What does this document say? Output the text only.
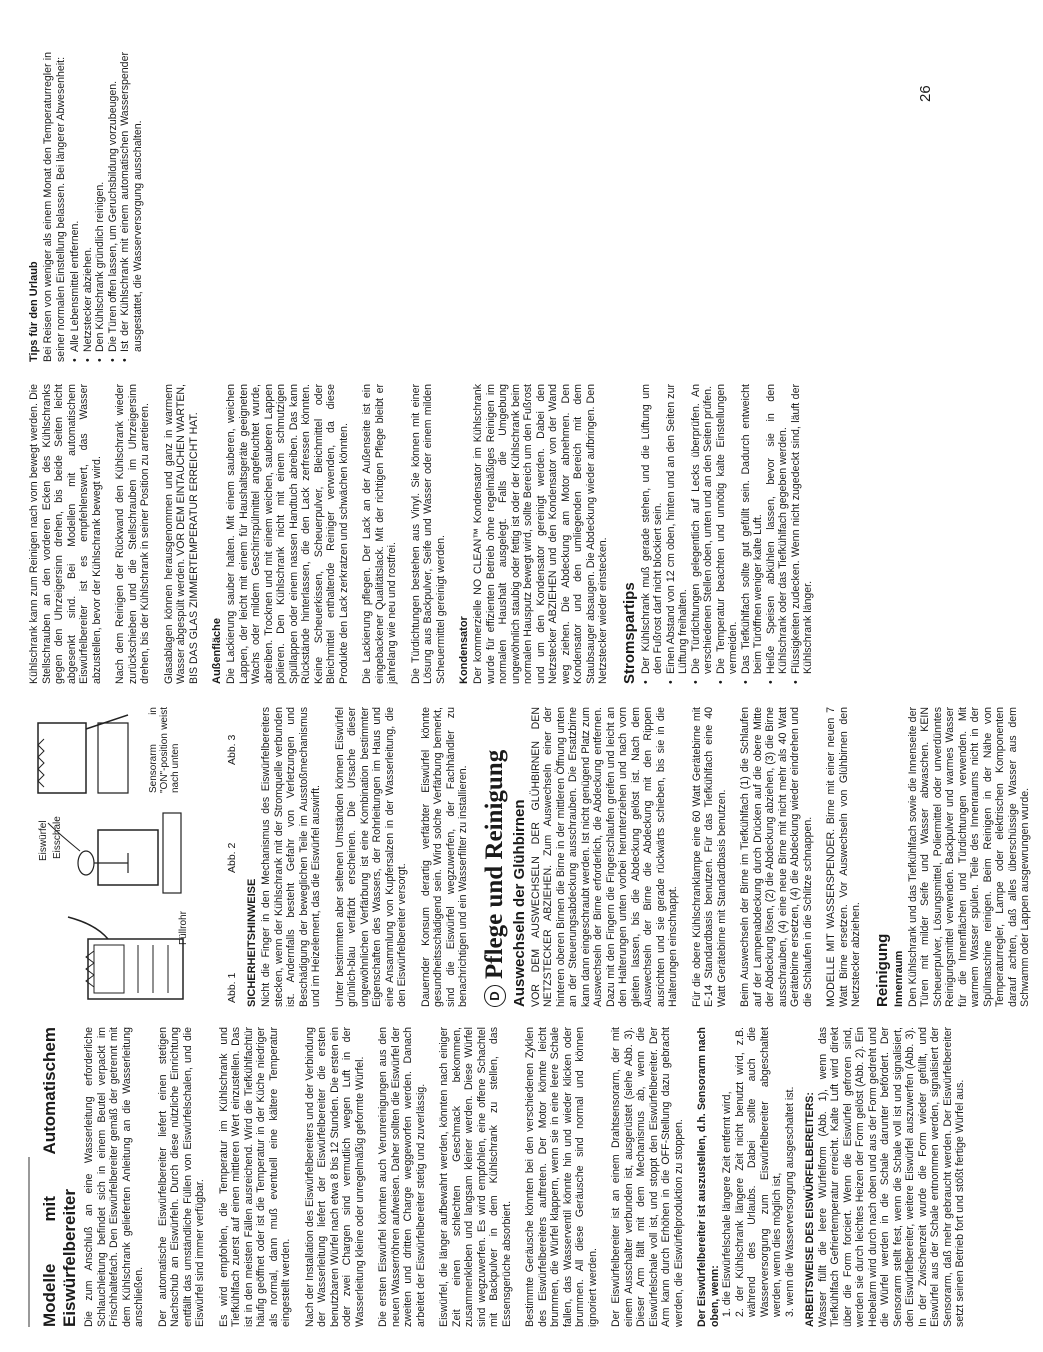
Modelle mit Automatischem Eiswürfelbereiter Die zum Anschluß an eine Wasserleitung erforderliche Schlauchleitung befindet sich in einem Beutel verpackt im Frischhaltefach. Den Eiswürfelbereiter gemäß der getrennt mit dem Kühlschrank gelieferten Anleitung an die Wasserleitung anschließen. Der automatische Eiswürfelbereiter liefert einen stetigen Nachschub an Eiswürfeln. Durch diese nützliche Einrichtung entfällt das umständliche Füllen von Eiswürfelschalen, und die Eiswürfel sind immer verfügbar. Es wird empfohlen, die Temperatur im Kühlschrank und Tiefkühlfach zuerst auf einen mittleren Wert einzustellen. Das ist in den meisten Fällen ausreichend. Wird die Tiefkühlfachtür häufig geöffnet oder ist die Temperatur in der Küche niedriger als normal, dann muß eventuell eine kältere Temperatur eingestellt werden. Nach der Installation des Eiswürfelbereiters und der Verbindung der Wasserleitung liefert der Eiswürfelbereiter die ersten benutzbaren Würfel nach etwa 8 bis 12 Stunden. Die ersten ein oder zwei Chargen sind vermutlich wegen Luft in der Wasserleitung kleine oder unregelmäßig geformte Würfel. Die ersten Eiswürfel könnten auch Verunreinigungen aus den neuen Wasserröhren aufweisen. Daher sollten die Eiswürfel der zweiten und dritten Charge weggeworfen werden. Danach arbeitet der Eiswürfelbereiter stetig und zuverlässig. Eiswürfel, die länger aufbewahrt werden, könnten nach einiger Zeit einen schlechten Geschmack bekommen, zusammenkleben und langsam kleiner werden. Diese Würfel sind wegzuwerfen. Es wird empfohlen, eine offene Schachtel mit Backpulver in dem Kühlschrank zu stellen, das Essensgerüche absorbiert. Bestimmte Geräusche könnten bei den verschiedenen Zyklen des Eiswürfelbereiters auftreten. Der Motor könnte leicht brummen, die Würfel klappern, wenn sie in eine leere Schale fallen, das Wasserventil könnte hin und wieder klicken oder brummen. All diese Geräusche sind normal und können ignoriert werden. Der Eiswürfelbereiter ist an einem Drahtsensorarm, der mit einem Ausschalter verbunden ist, ausgerüstet (siehe Abb. 3). Dieser Arm fällt mit dem Mechanismus ab, wenn die Eiswürfelschale voll ist, und stoppt den Eiswürfelbereiter. Der Arm kann durch Erhöhen in die OFF-Stellung dazu gebracht werden, die Eiswürfelproduktion zu stoppen. Der Eiswürfelbereiter ist auszustellen, d.h. Sensorarm nach oben, wenn: 1. die Eiswürfelschale längere Zeit entfernt wird, 2. der Kühlschrank längere Zeit nicht benutzt wird, z.B. während des Urlaubs. Dabei sollte auch die Wasserversorgung zum Eiswürfelbereiter abgeschaltet werden, wenn dies möglich ist, 3. wenn die Wasserversorgung ausgeschaltet ist. ARBEITSWEISE DES EISWÜRFELBEREITERS: Wasser füllt die leere Würfelform (Abb. 1), wenn das Tiefkühlfach Gefriertemperatur erreicht. Kalte Luft wird direkt über die Form forciert. Wenn die Eiswürfel gefroren sind, werden sie durch leichtes Heizen der Form gelöst (Abb. 2). Ein Hebelarm wird durch nach oben und aus der Form gedreht und die Würfel werden in die Schale darunter befördert. Der Sensorarm stellt fest, wenn die Schale voll ist und signalisiert, den Eiswürfelbereiter, weitere Eiswürfel auszuwerfen (Abb. 3). In der Zwischenzeit wurde die Form wieder gefüllt, und Eiswürfel aus der Schale entnommen werden, signalisiert der Sensorarm, daß mehr gebraucht werden. Der Eiswürfelbereiter setzt seinen Betrieb fort und stößt fertige Würfel aus.

Füllrohr
Abb. 1
Eiswürfel Eisschale	Abb. 2
Sensorarm in "ON"-position weist nach unten	Abb. 3
SICHERHEITSHINWEISE Nicht die Finger in den Mechanismus des Eiswürfelbereiters stecken, wenn der Kühlschrank mit der Stromquelle verbunden ist. Andernfalls besteht Gefahr von Verletzungen und Beschädigung der beweglichen Teile im Ausstoßmechanismus und im Heizelement, das die Eiswürfel auswirft. Unter bestimmten aber seltenen Umständen können Eiswürfel grünlich-blau verfärbt erscheinen. Die Ursache dieser ungewöhnlichen Verfärbung ist eine Kombination bestimmter Eigenschaften des Wassers, der Rohrleitungen im Haus und eine Ansammlung von Kupfersalzen in der Wasserleitung, die den Eiswürfelbereiter versorgt. Dauernder Konsum derartig verfärbter Eiswürfel könnte gesundheitsschädigend sein. Wird solche Verfärbung bemerkt, sind die Eiswürfel wegzuwerfen, der Fachhändler zu benachrichtigen und ein Wasserfilter zu installieren. D
Pflege und Reinigung Auswechseln der Glühbirnen VOR DEM AUSWECHSELN DER GLÜHBIRNEN DEN NETZSTECKER ABZIEHEN. Zum Auswechseln einer der hinteren oberen Birnen die Birne in der mittleren Öffnung unten an der Steuerungsabdeckung ausschrauben. Die Ersatzbirne kann dann eingeschraubt werden. Ist nicht genügend Platz zum Auswechseln der Birne erforderlich, die Abdeckung entfernen. Dazu mit den Fingern die Fingerschlaufen greifen und leicht an den Halterungen unten vorbei herunterziehen und nach vorn gleiten lassen, bis die Abdeckung gelöst ist. Nach dem Auswechseln der Birne die Abdeckung mit den Rippen ausrichten und sie gerade rückwärts schieben, bis sie in die Halterungen einschnappt. Für die obere Kühlschranklampe eine 60 Watt Gerätebirne mit E-14 Standardbasis benutzen. Für das Tiefkühlfach eine 40 Watt Gerätebirne mit Standardbasis benutzen. Beim Auswechseln der Birne im Tiefkühlfach (1) die Schlaufen auf der Lampenabdeckung durch Drücken auf die obere Mitte der Abdeckung lösen, (2) die Abdeckung abziehen, (3) die Birne ausschrauben, (4) eine neue Birne mit nicht mehr als 40 Watt Gerätebirne ersetzen, (4) die Abdeckung wieder eindrehen und die Schlaufen in die Schlitze schnappen. MODELLE MIT WASSERSPENDER. Birne mit einer neuen 7 Watt Birne ersetzen. Vor Auswechseln von Glühbirnen den Netzstecker abziehen. Reinigung Innenraum Den Kühlschrank und das Tiefkühlfach sowie die Innenseite der Türen mit milder Seife und Wasser abwaschen. KEIN Scheuerpulver, Lösungsmittel, Poliermittel oder unverdünntes Reinigungsmittel verwenden. Backpulver und warmes Wasser für die Innenflächen und Türdichtungen verwenden. Mit warmem Wasser spülen. Teile des Innenraums nicht in der Spülmaschine reinigen. Beim Reinigen in der Nähe von Temperaturregler, Lampe oder elektrischen Komponenten darauf achten, daß alles überschüssige Wasser aus dem Schwamm oder Lappen ausgewrungen wurde.

Kühlschrank kann zum Reinigen nach vorn bewegt werden. Die Stellschrauben an den vorderen Ecken des Kühlschranks gegen den Uhrzeigersinn drehen, bis beide Seiten leicht abgesenkt sind. Bei Modellen mit automatischem Eiswürfelbereiter ist es empfehlenswert, das Wasser abzustellen, bevor der Kühlschrank bewegt wird. Nach dem Reinigen der Rückwand den Kühlschrank wieder zurückschieben und die Stellschrauben im Uhrzeigersinn drehen, bis der Kühlschrank in seiner Position zu arretieren. Glasablagen können herausgenommen und ganz in warmem Wasser abgespült werden. VOR DEM EINTAUCHEN WARTEN, BIS DAS GLAS ZIMMERTEMPERATUR ERREICHT HAT. Außenfläche Die Lackierung sauber halten. Mit einem sauberen, weichen Lappen, der leicht mit einem für Haushaltsgeräte geeigneten Wachs oder mildem Geschirrspülmittel angefeuchtet wurde, abreiben. Trocknen und mit einem weichen, sauberen Lappen polieren. Den Kühlschrank nicht mit einem schmutzigen Spüllappen oder einem nassen Handtuch abreiben. Das kann Rückstände hinterlassen, die den Lack zerfressen könnten. Keine Scheuerkissen, Scheuerpulver, Bleichmittel oder Bleichmittel enthaltende Reiniger verwenden, da diese Produkte den Lack zerkratzen und schwächen könnten. Die Lackierung pflegen. Der Lack an der Außenseite ist ein eingebackener Qualitätslack. Mit der richtigen Pflege bleibt er jahrelang wie neu und rostfrei. Die Türdichtungen bestehen aus Vinyl. Sie können mit einer Lösung aus Backpulver, Seife und Wasser oder einem milden Scheuermittel gereinigt werden. Kondensator Der kommerzielle NO CLEAN™ Kondensator im Kühlschrank wurde für effizienten Betrieb ohne regelmäßiges Reinigen im normalen Haushalt ausgelegt. Falls die Umgebung ungewöhnlich staubig oder fettig ist oder der Kühlschrank beim normalen Hausputz bewegt wird, sollte Bereich um den Fußrost und um den Kondensator gereinigt werden. Dabei den Netzstecker ABZIEHEN und den Kondensator von der Wand weg ziehen. Die Abdeckung am Motor abnehmen. Den Kondensator und den umliegenden Bereich mit dem Staubsauger absaugen. Die Abdeckung wieder aufbringen. Den Netzstecker wieder einstecken. Stromspartips • Der Kühlschrank muß gerade stehen, und die Lüftung um den Fußrost darf nicht blockiert sein. • Einen Abstand von 12 cm oben, hinten und an den Seiten zur Lüftung freihalten. • Die Türdichtungen gelegentlich auf Lecks überprüfen. An verschiedenen Stellen oben, unten und an den Seiten prüfen. • Die Temperatur beachten und unnötig kalte Einstellungen vermeiden. • Das Tiefkühlfach sollte gut gefüllt sein. Dadurch entweicht beim Türöffnen weniger kalte Luft. • Heiße Speisen abkühlen lassen, bevor sie in den Kühlschrank oder das Tiefkühlfach gegeben werden. • Flüssigkeiten zudecken. Wenn nicht zugedeckt sind, läuft der Kühlschrank länger.
Tips für den Urlaub Bei Reisen von weniger als einem Monat den Temperaturregler in seiner normalen Einstellung belassen. Bei längerer Abwesenheit: • Alle Lebensmittel entfernen. • Netzstecker abziehen. • Den Kühlschrank gründlich reinigen. • Die Türen offen lassen, um Geruchsbildung vorzubeugen. • Ist der Kühlschrank mit einem automatischen Wasserspender ausgestattet, die Wasserversorgung ausschalten.
26
